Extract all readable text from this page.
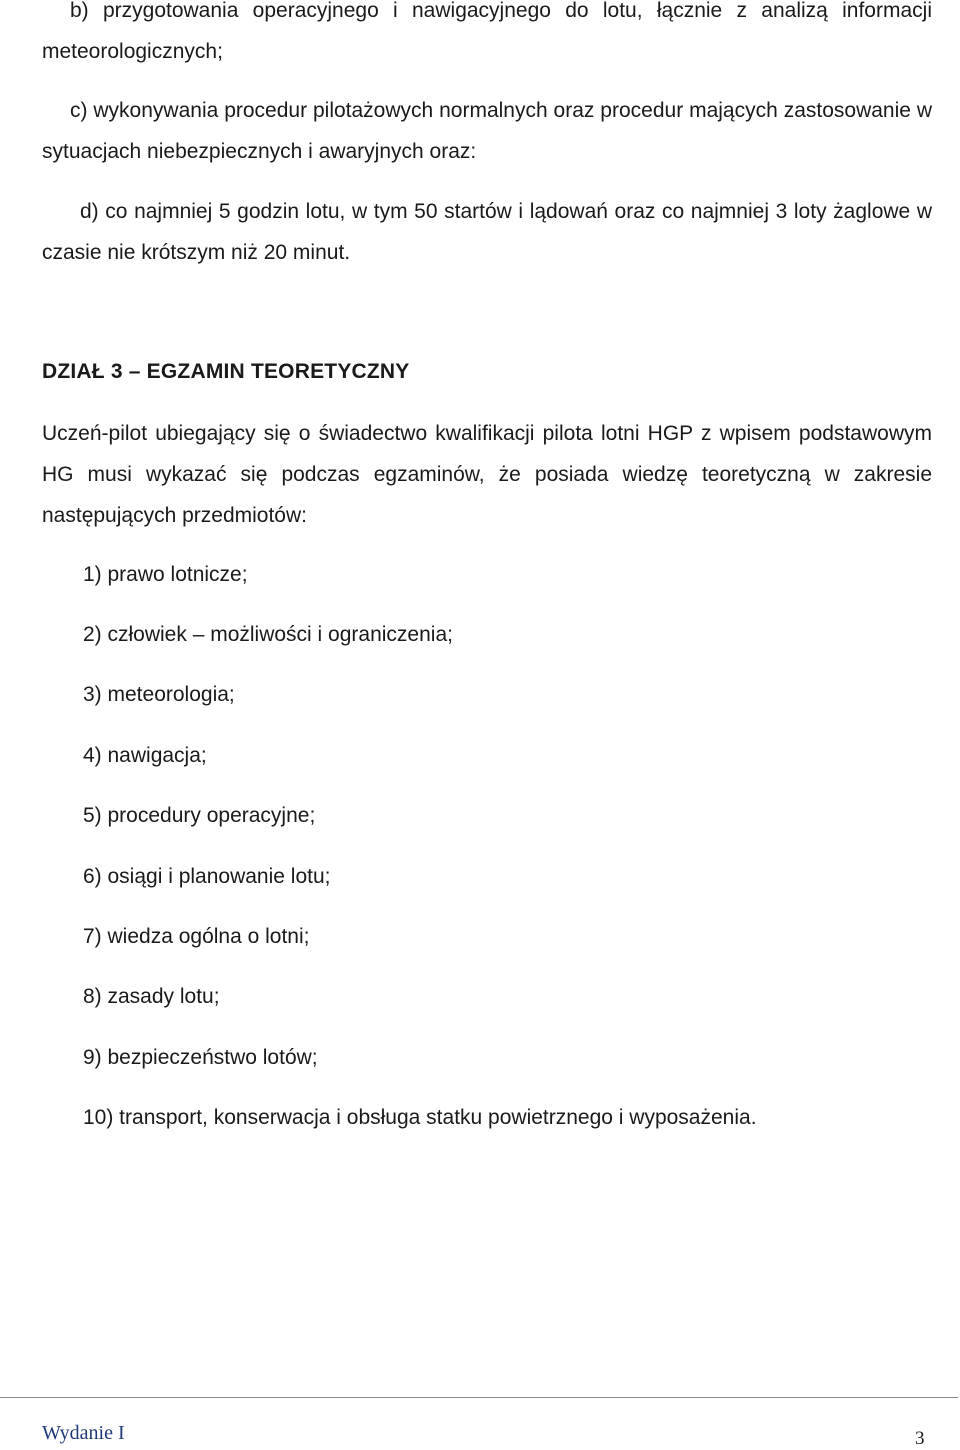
b) przygotowania operacyjnego i nawigacyjnego do lotu, łącznie z analizą informacji meteorologicznych;

c) wykonywania procedur pilotażowych normalnych oraz procedur mających zastosowanie w sytuacjach niebezpiecznych i awaryjnych oraz:

d) co najmniej 5 godzin lotu, w tym 50 startów i lądowań oraz co najmniej 3 loty żaglowe w czasie nie krótszym niż 20 minut.

DZIAŁ 3 – EGZAMIN TEORETYCZNY

Uczeń-pilot ubiegający się o świadectwo kwalifikacji pilota lotni HGP z wpisem podstawowym HG musi wykazać się podczas egzaminów, że posiada wiedzę teoretyczną w zakresie następujących przedmiotów:

1) prawo lotnicze;

2) człowiek – możliwości i ograniczenia;

3) meteorologia;

4) nawigacja;

5) procedury operacyjne;

6) osiągi i planowanie lotu;

7) wiedza ogólna o lotni;

8) zasady lotu;

9) bezpieczeństwo lotów;

10) transport, konserwacja i obsługa statku powietrznego i wyposażenia.

Wydanie I	3
